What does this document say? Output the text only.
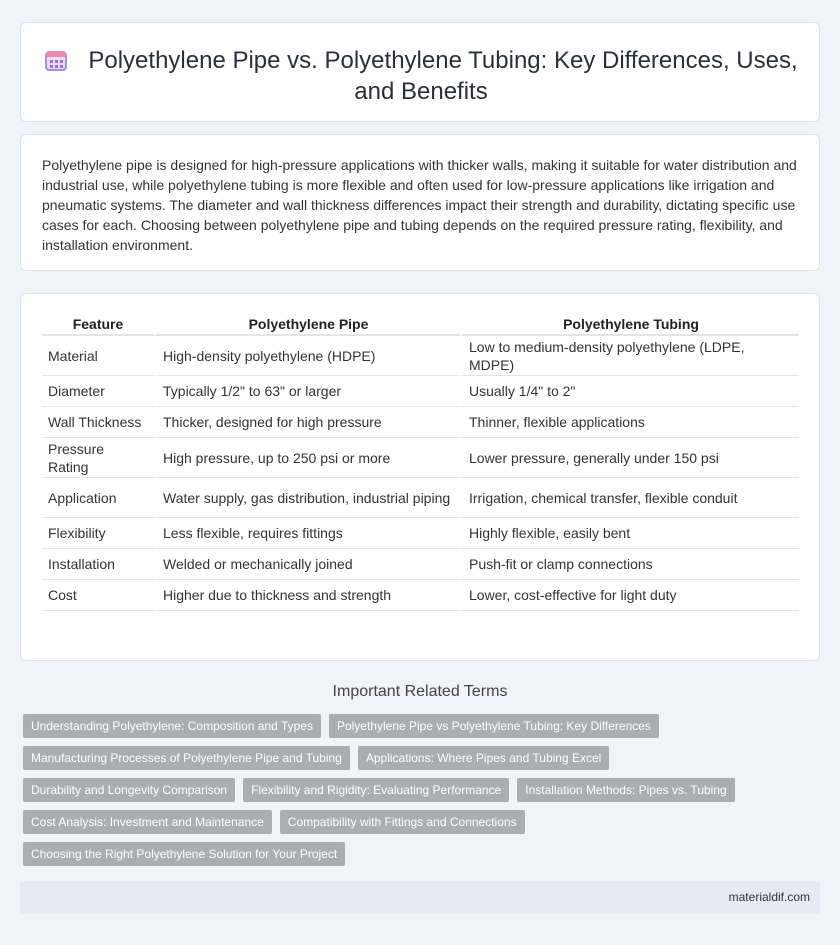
Polyethylene Pipe vs. Polyethylene Tubing: Key Differences, Uses,
and Benefits

Polyethylene pipe is designed for high-pressure applications with thicker walls, making it suitable for water distribution and industrial use, while polyethylene tubing is more flexible and often used for low-pressure applications like irrigation and pneumatic systems. The diameter and wall thickness differences impact their strength and durability, dictating specific use cases for each. Choosing between polyethylene pipe and tubing depends on the required pressure rating, flexibility, and installation environment.

Feature	Polyethylene Pipe	Polyethylene Tubing
Material	High-density polyethylene (HDPE)	Low to medium-density polyethylene (LDPE, MDPE)
Diameter	Typically 1/2" to 63" or larger	Usually 1/4" to 2"
Wall Thickness	Thicker, designed for high pressure	Thinner, flexible applications
Pressure Rating	High pressure, up to 250 psi or more	Lower pressure, generally under 150 psi
Application	Water supply, gas distribution, industrial piping	Irrigation, chemical transfer, flexible conduit
Flexibility	Less flexible, requires fittings	Highly flexible, easily bent
Installation	Welded or mechanically joined	Push-fit or clamp connections
Cost	Higher due to thickness and strength	Lower, cost-effective for light duty
Important Related Terms
Understanding Polyethylene: Composition and Types	Polyethylene Pipe vs Polyethylene Tubing: Key Differences
Manufacturing Processes of Polyethylene Pipe and Tubing	Applications: Where Pipes and Tubing Excel
Durability and Longevity Comparison	Flexibility and Rigidity: Evaluating Performance	Installation Methods: Pipes vs. Tubing
Cost Analysis: Investment and Maintenance	Compatibility with Fittings and Connections
Choosing the Right Polyethylene Solution for Your Project
materialdif.com
